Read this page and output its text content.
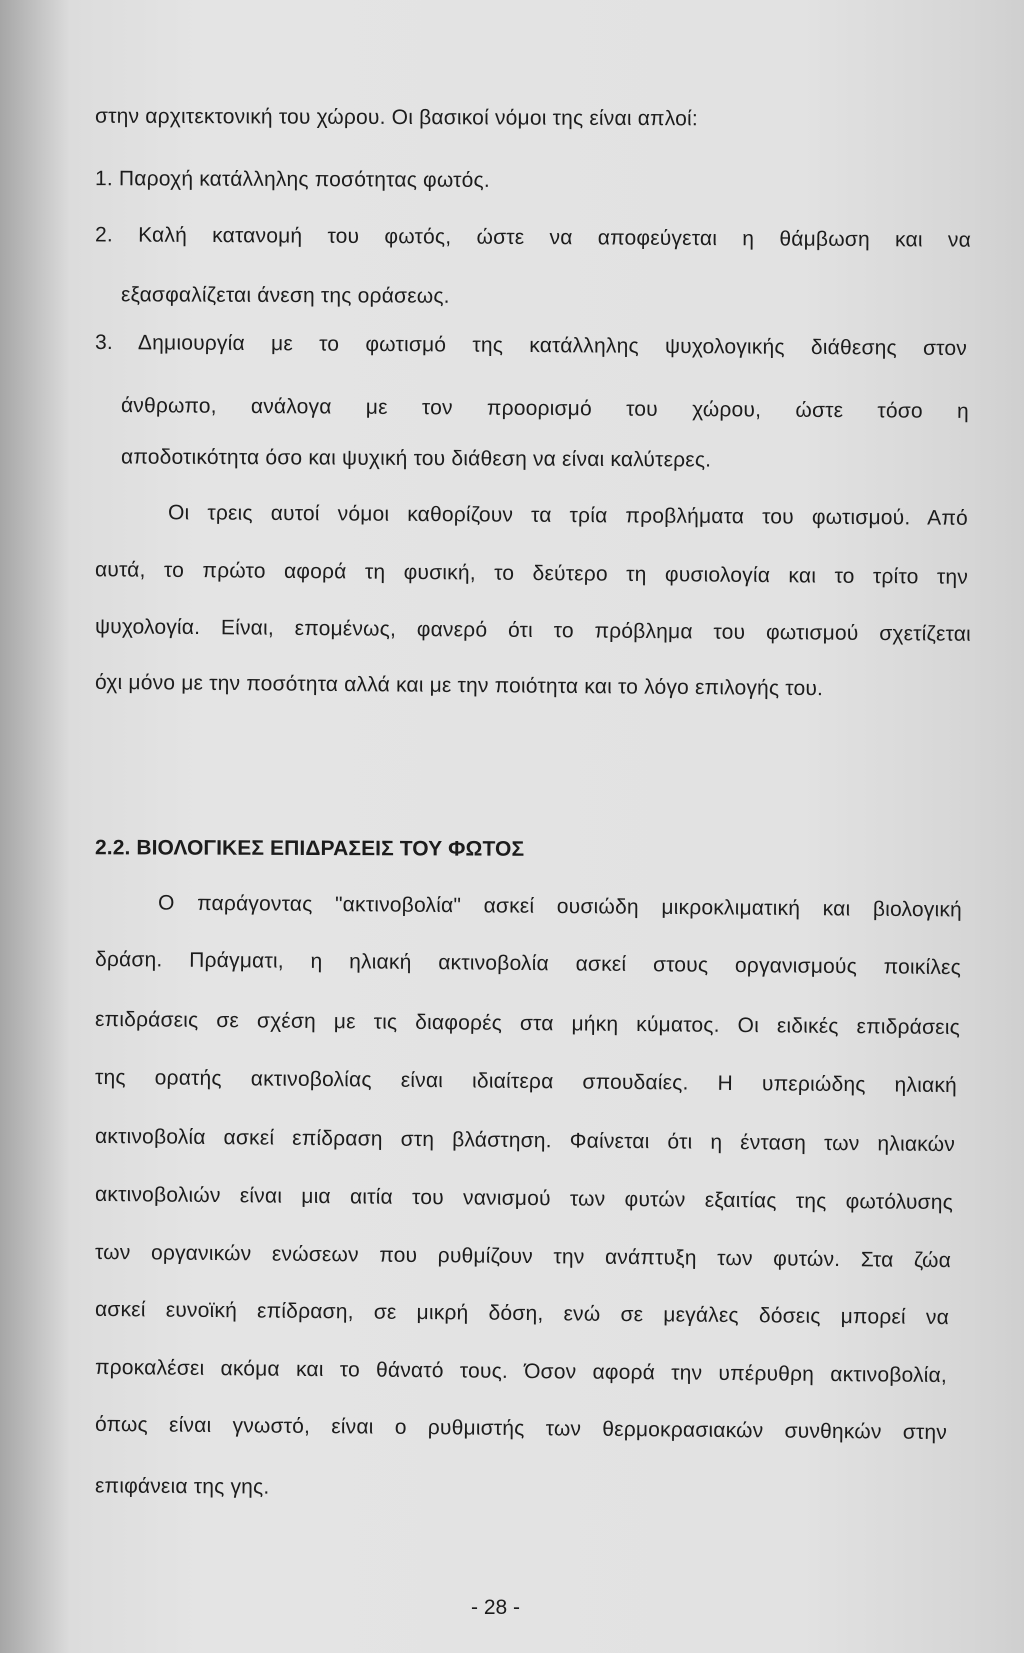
στην αρχιτεκτονική του χώρου. Οι βασικοί νόμοι της είναι απλοί:
1. Παροχή κατάλληλης ποσότητας φωτός.
2. Καλή κατανομή του φωτός, ώστε να αποφεύγεται η θάμβωση και να
εξασφαλίζεται άνεση της οράσεως.
3. Δημιουργία με το φωτισμό της κατάλληλης ψυχολογικής διάθεσης στον
άνθρωπο, ανάλογα με τον προορισμό του χώρου, ώστε τόσο η
αποδοτικότητα όσο και ψυχική του διάθεση να είναι καλύτερες.
Οι τρεις αυτοί νόμοι καθορίζουν τα τρία προβλήματα του φωτισμού. Από
αυτά, το πρώτο αφορά τη φυσική, το δεύτερο τη φυσιολογία και το τρίτο την
ψυχολογία. Είναι, επομένως, φανερό ότι το πρόβλημα του φωτισμού σχετίζεται
όχι μόνο με την ποσότητα αλλά και με την ποιότητα και το λόγο επιλογής του.
2.2. ΒΙΟΛΟΓΙΚΕΣ ΕΠΙΔΡΑΣΕΙΣ ΤΟΥ ΦΩΤΟΣ
Ο παράγοντας "ακτινοβολία" ασκεί ουσιώδη μικροκλιματική και βιολογική
δράση. Πράγματι, η ηλιακή ακτινοβολία ασκεί στους οργανισμούς ποικίλες
επιδράσεις σε σχέση με τις διαφορές στα μήκη κύματος. Οι ειδικές επιδράσεις
της ορατής ακτινοβολίας είναι ιδιαίτερα σπουδαίες. Η υπεριώδης ηλιακή
ακτινοβολία ασκεί επίδραση στη βλάστηση. Φαίνεται ότι η ένταση των ηλιακών
ακτινοβολιών είναι μια αιτία του νανισμού των φυτών εξαιτίας της φωτόλυσης
των οργανικών ενώσεων που ρυθμίζουν την ανάπτυξη των φυτών. Στα ζώα
ασκεί ευνοϊκή επίδραση, σε μικρή δόση, ενώ σε μεγάλες δόσεις μπορεί να
προκαλέσει ακόμα και το θάνατό τους. Όσον αφορά την υπέρυθρη ακτινοβολία,
όπως είναι γνωστό, είναι ο ρυθμιστής των θερμοκρασιακών συνθηκών στην
επιφάνεια της γης.
- 28 -
